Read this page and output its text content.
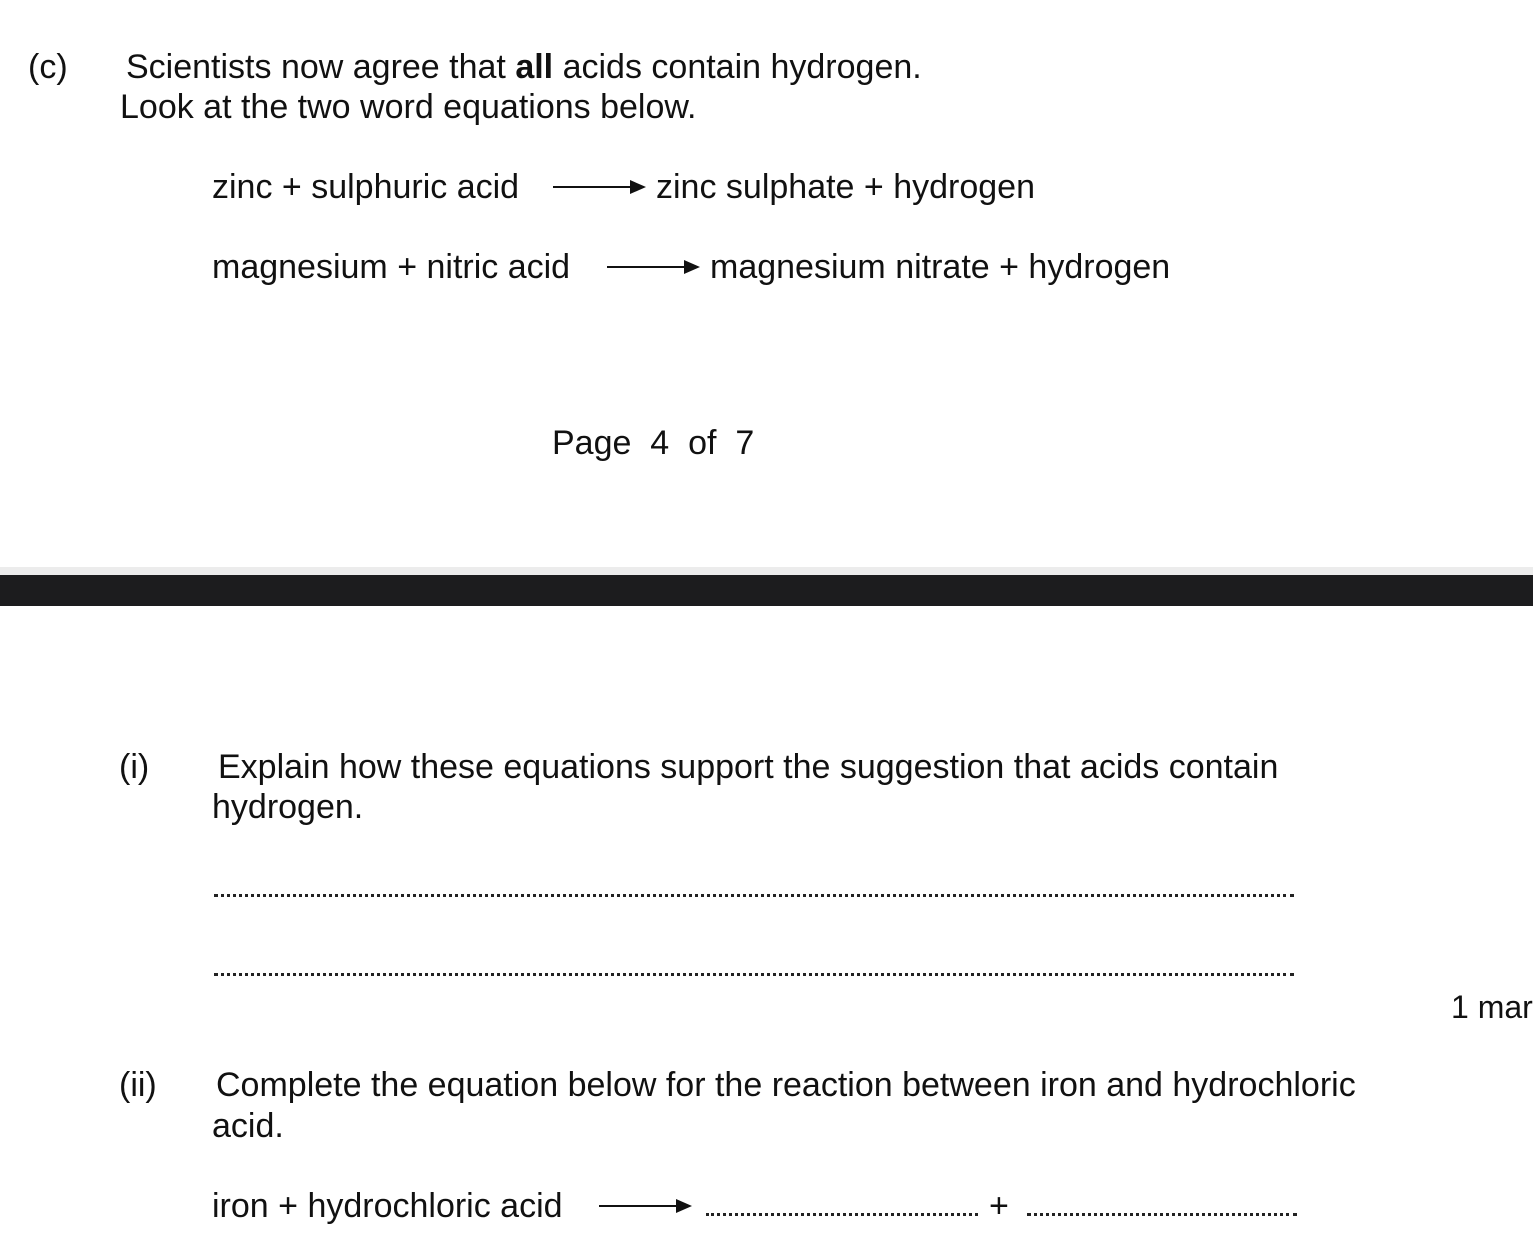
(c) Scientists now agree that all acids contain hydrogen.
Look at the two word equations below.
zinc + sulphuric acid	zinc sulphate + hydrogen
magnesium + nitric acid	magnesium nitrate + hydrogen
Page  4  of  7
(i) Explain how these equations support the suggestion that acids contain
hydrogen.
1 mar
(ii) Complete the equation below for the reaction between iron and hydrochloric
acid.
iron + hydrochloric acid	+
